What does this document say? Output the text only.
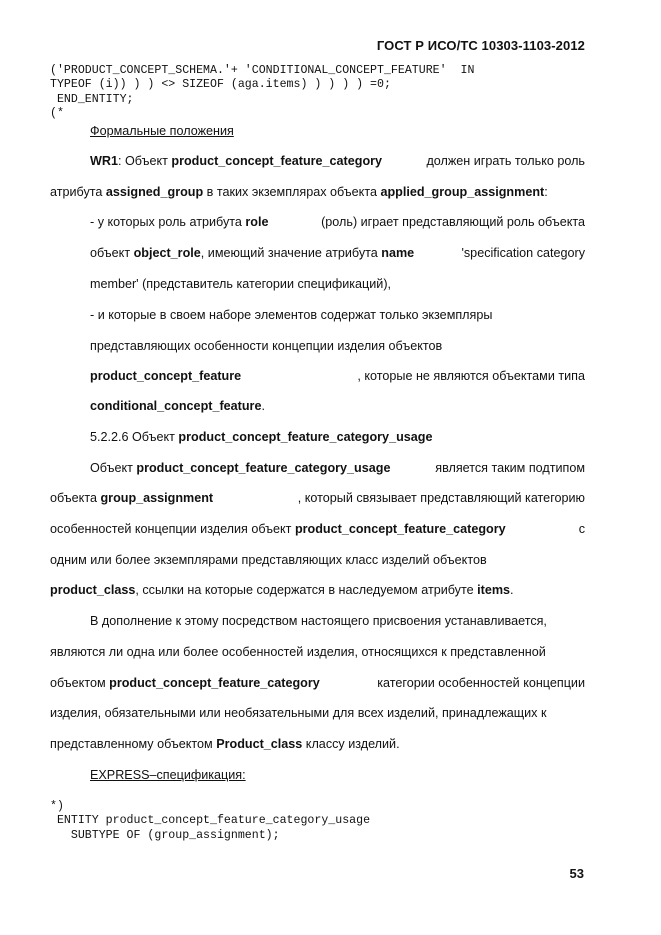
ГОСТ Р ИСО/ТС 10303-1103-2012
('PRODUCT_CONCEPT_SCHEMA.'+ 'CONDITIONAL_CONCEPT_FEATURE'  IN
TYPEOF (i)) ) ) <> SIZEOF (aga.items) ) ) ) ) =0;
END_ENTITY;
(*
Формальные положения
WR1: Объект product_concept_feature_category	должен играть только роль
атрибута assigned_group в таких экземплярах объекта applied_group_assignment:
- у которых роль атрибута role	(роль) играет представляющий роль объекта
объект object_role, имеющий значение атрибута name	'specification category
member' (представитель категории спецификаций),
- и которые в своем наборе элементов содержат только экземпляры
представляющих особенности концепции изделия объектов
product_concept_feature	, которые не являются объектами типа
conditional_concept_feature.
5.2.2.6 Объект product_concept_feature_category_usage
Объект product_concept_feature_category_usage	является таким подтипом
объекта group_assignment	, который связывает представляющий категорию
особенностей концепции изделия объект product_concept_feature_category	с
одним или более экземплярами представляющих класс изделий объектов
product_class, ссылки на которые содержатся в наследуемом атрибуте items.
В дополнение к этому посредством настоящего присвоения устанавливается,
являются ли одна или более особенностей изделия, относящихся к представленной
объектом product_concept_feature_category	категории особенностей концепции
изделия, обязательными или необязательными для всех изделий, принадлежащих к
представленному объектом Product_class классу изделий.
EXPRESS–спецификация:
*)
ENTITY product_concept_feature_category_usage
SUBTYPE OF (group_assignment);
53
